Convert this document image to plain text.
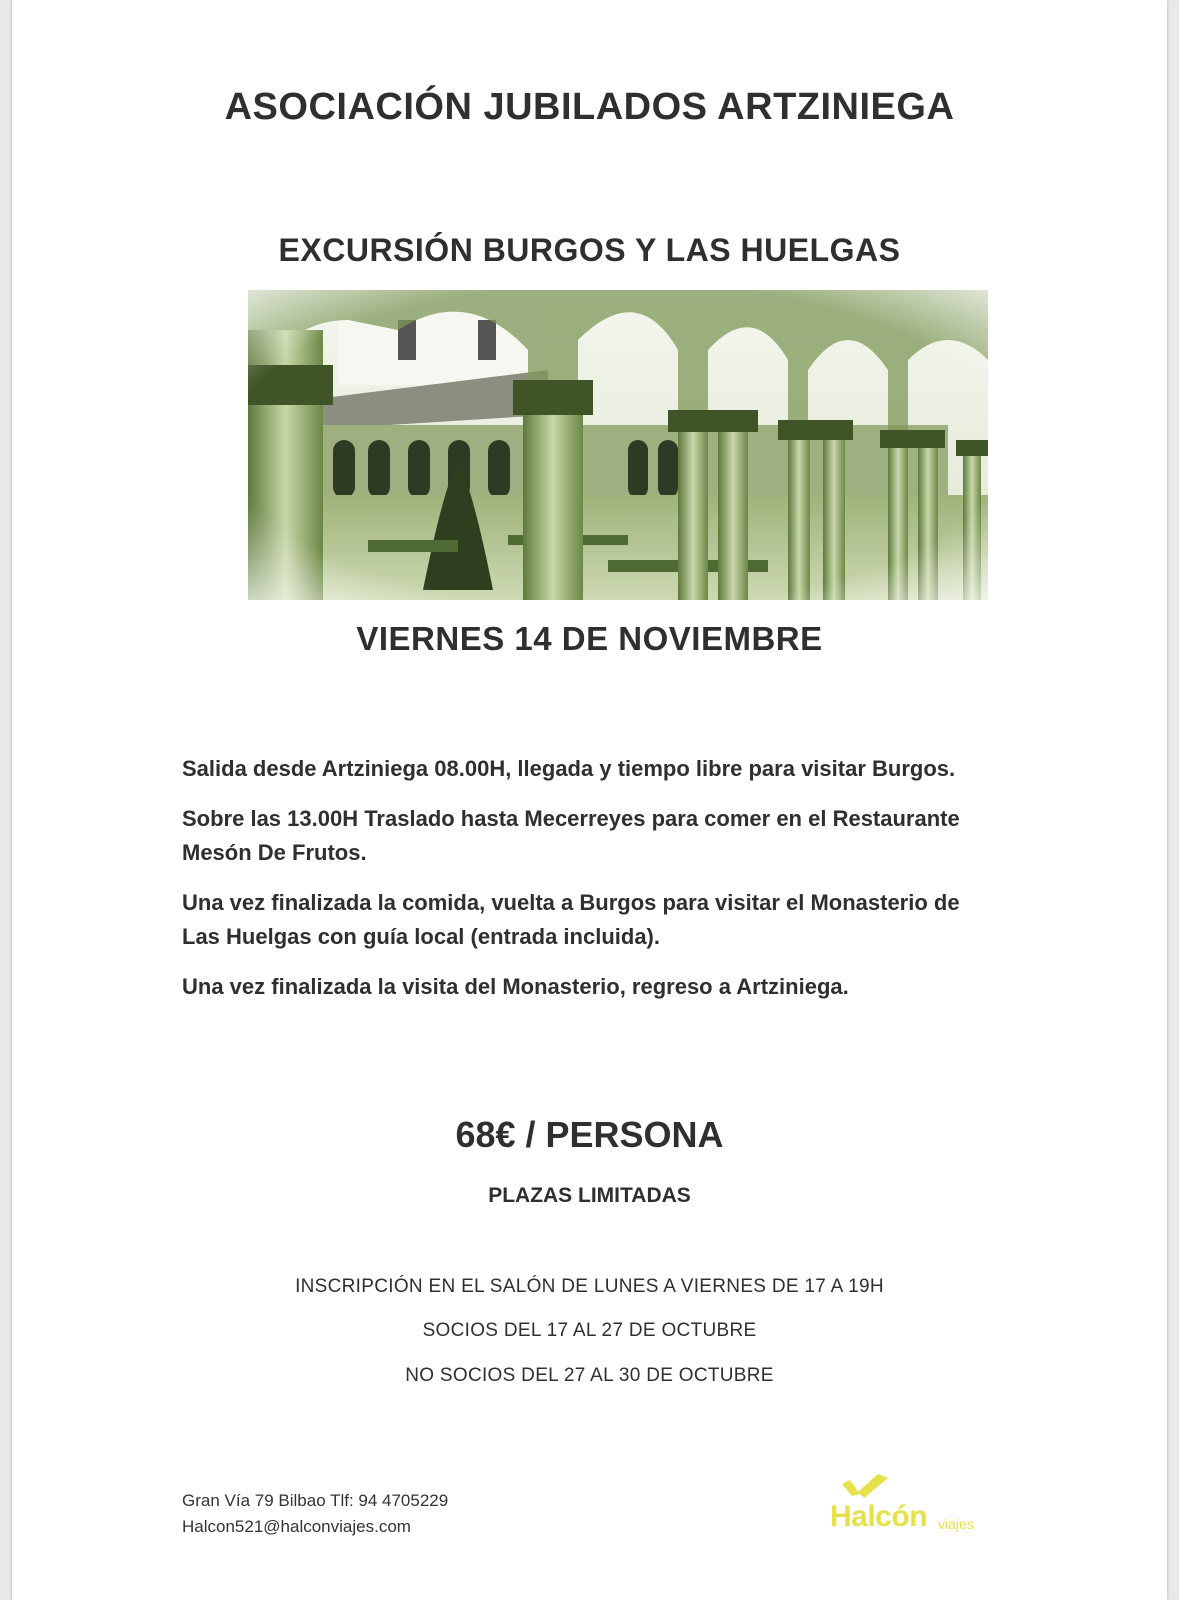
ASOCIACIÓN JUBILADOS ARTZINIEGA
EXCURSIÓN BURGOS Y LAS HUELGAS
VIERNES 14 DE NOVIEMBRE

Salida desde Artziniega 08.00H, llegada y tiempo libre para visitar Burgos.

Sobre las 13.00H Traslado hasta Mecerreyes para comer en el Restaurante Mesón De Frutos.

Una vez finalizada la comida, vuelta a Burgos para visitar el Monasterio de Las Huelgas con guía local (entrada incluida).

Una vez finalizada la visita del Monasterio, regreso a Artziniega.

68€ / PERSONA
PLAZAS LIMITADAS
INSCRIPCIÓN EN EL SALÓN DE LUNES A VIERNES DE 17 A 19H
SOCIOS DEL 17 AL 27 DE OCTUBRE
NO SOCIOS DEL 27 AL 30 DE OCTUBRE
Gran Vía 79 Bilbao Tlf: 94 4705229
Halcon521@halconviajes.com	Halcón viajes
